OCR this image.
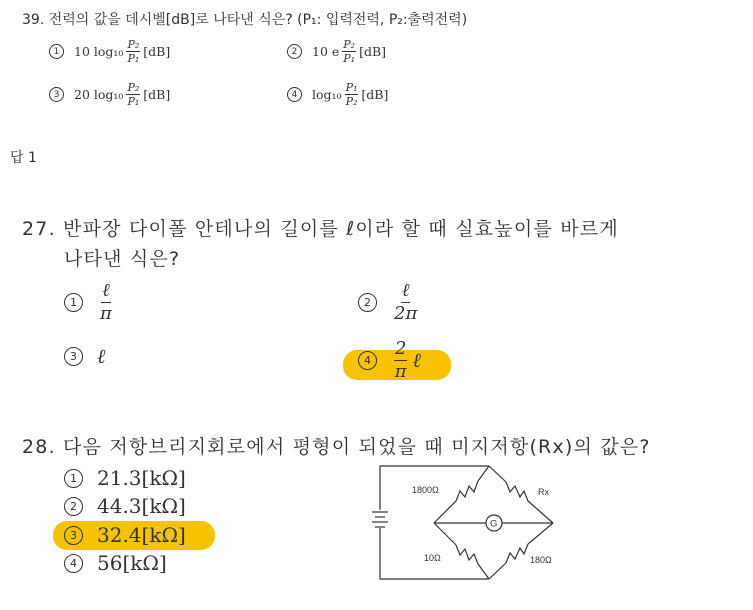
39. 전력의 값을 데시벨[dB]로 나타낸 식은? (P₁: 입력전력, P₂:출력전력)
1	10 $\log_{10} \frac{\text{P₂}}{\text{P₁}} [dB]$	2	10 e $\frac{\text{P₂}}{\text{P₁}} [dB]$
3	20 $\log_{10} \frac{\text{P₂}}{\text{P₁}} [dB]$	4	$\log_{10} \frac{\text{P₁}}{\text{P₂}} [dB]$
답 1
27. 반파장 다이폴 안테나의 길이를 ℓ이라 할 때 실효높이를 바르게
나타낸 식은?
1	$\frac{\text{ℓ}}{\pi}$	2	$\frac{\text{ℓ}}{2\pi}$
3	ℓ	4	$\frac{2}{\pi}$ ℓ
28. 다음 저항브리지회로에서 평형이 되었을 때 미지저항(Rx)의 값은?
1	21.3[kΩ]
2	44.3[kΩ]
3	32.4[kΩ]
4	56[kΩ]
1800Ω	Rx
10Ω	180Ω
G
